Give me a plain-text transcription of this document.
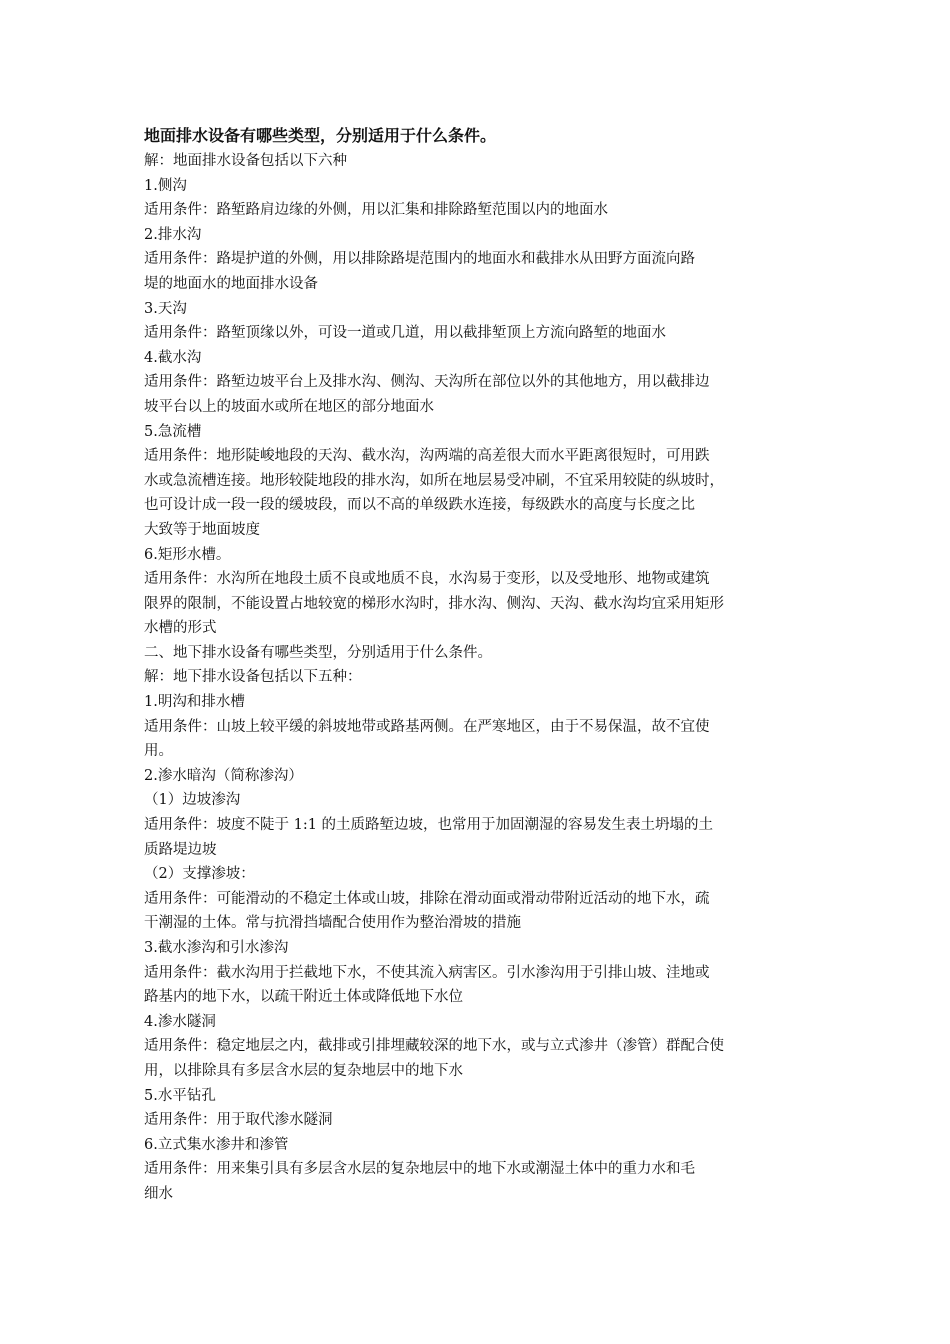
地面排水设备有哪些类型，分别适用于什么条件。

解：地面排水设备包括以下六种

1.侧沟

适用条件：路堑路肩边缘的外侧，用以汇集和排除路堑范围以内的地面水

2.排水沟

适用条件：路堤护道的外侧，用以排除路堤范围内的地面水和截排水从田野方面流向路

堤的地面水的地面排水设备

3.天沟

适用条件：路堑顶缘以外，可设一道或几道，用以截排堑顶上方流向路堑的地面水

4.截水沟

适用条件：路堑边坡平台上及排水沟、侧沟、天沟所在部位以外的其他地方，用以截排边

坡平台以上的坡面水或所在地区的部分地面水

5.急流槽

适用条件：地形陡峻地段的天沟、截水沟，沟两端的高差很大而水平距离很短时，可用跌

水或急流槽连接。地形较陡地段的排水沟，如所在地层易受冲刷，不宜采用较陡的纵坡时，

也可设计成一段一段的缓坡段，而以不高的单级跌水连接，每级跌水的高度与长度之比

大致等于地面坡度

6.矩形水槽。

适用条件：水沟所在地段土质不良或地质不良，水沟易于变形，以及受地形、地物或建筑

限界的限制，不能设置占地较宽的梯形水沟时，排水沟、侧沟、天沟、截水沟均宜采用矩形

水槽的形式

二、地下排水设备有哪些类型，分别适用于什么条件。

解：地下排水设备包括以下五种：

1.明沟和排水槽

适用条件：山坡上较平缓的斜坡地带或路基两侧。在严寒地区，由于不易保温，故不宜使

用。

2.渗水暗沟（简称渗沟）

（1）边坡渗沟

适用条件：坡度不陡于 1:1 的土质路堑边坡，也常用于加固潮湿的容易发生表土坍塌的土

质路堤边坡

（2）支撑渗坡：

适用条件：可能滑动的不稳定土体或山坡，排除在滑动面或滑动带附近活动的地下水，疏

干潮湿的土体。常与抗滑挡墙配合使用作为整治滑坡的措施

3.截水渗沟和引水渗沟

适用条件：截水沟用于拦截地下水，不使其流入病害区。引水渗沟用于引排山坡、洼地或

路基内的地下水，以疏干附近土体或降低地下水位

4.渗水隧洞

适用条件：稳定地层之内，截排或引排埋藏较深的地下水，或与立式渗井（渗管）群配合使

用，以排除具有多层含水层的复杂地层中的地下水

5.水平钻孔

适用条件：用于取代渗水隧洞

6.立式集水渗井和渗管

适用条件：用来集引具有多层含水层的复杂地层中的地下水或潮湿土体中的重力水和毛

细水
